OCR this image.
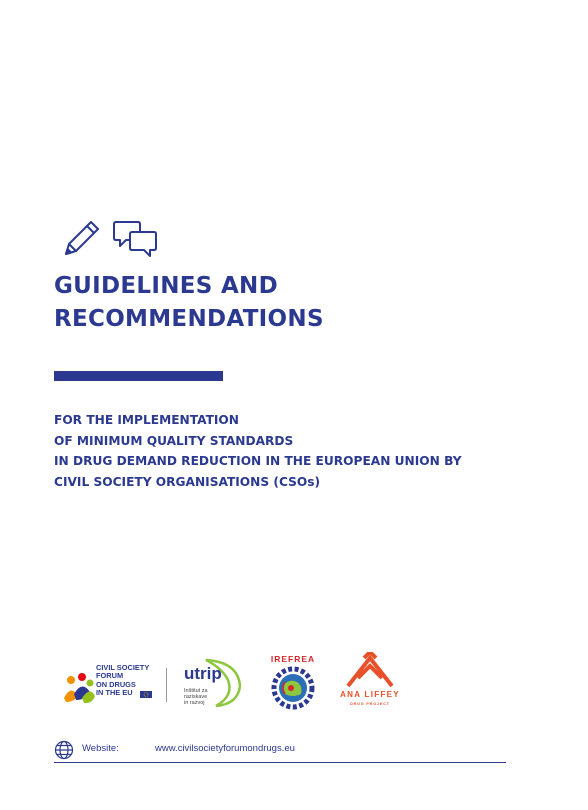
GUIDELINES AND
RECOMMENDATIONS
FOR THE IMPLEMENTATION
OF MINIMUM QUALITY STANDARDS
IN DRUG DEMAND REDUCTION IN THE EUROPEAN UNION BY
CIVIL SOCIETY ORGANISATIONS (CSOs)
CIVIL SOCIETY
FORUM
ON DRUGS
IN THE EU
utrip
Inštitut za
raziskave
in razvoj
IREFREA
ANA LIFFEY
DRUG PROJECT
Website:	www.civilsocietyforumondrugs.eu
